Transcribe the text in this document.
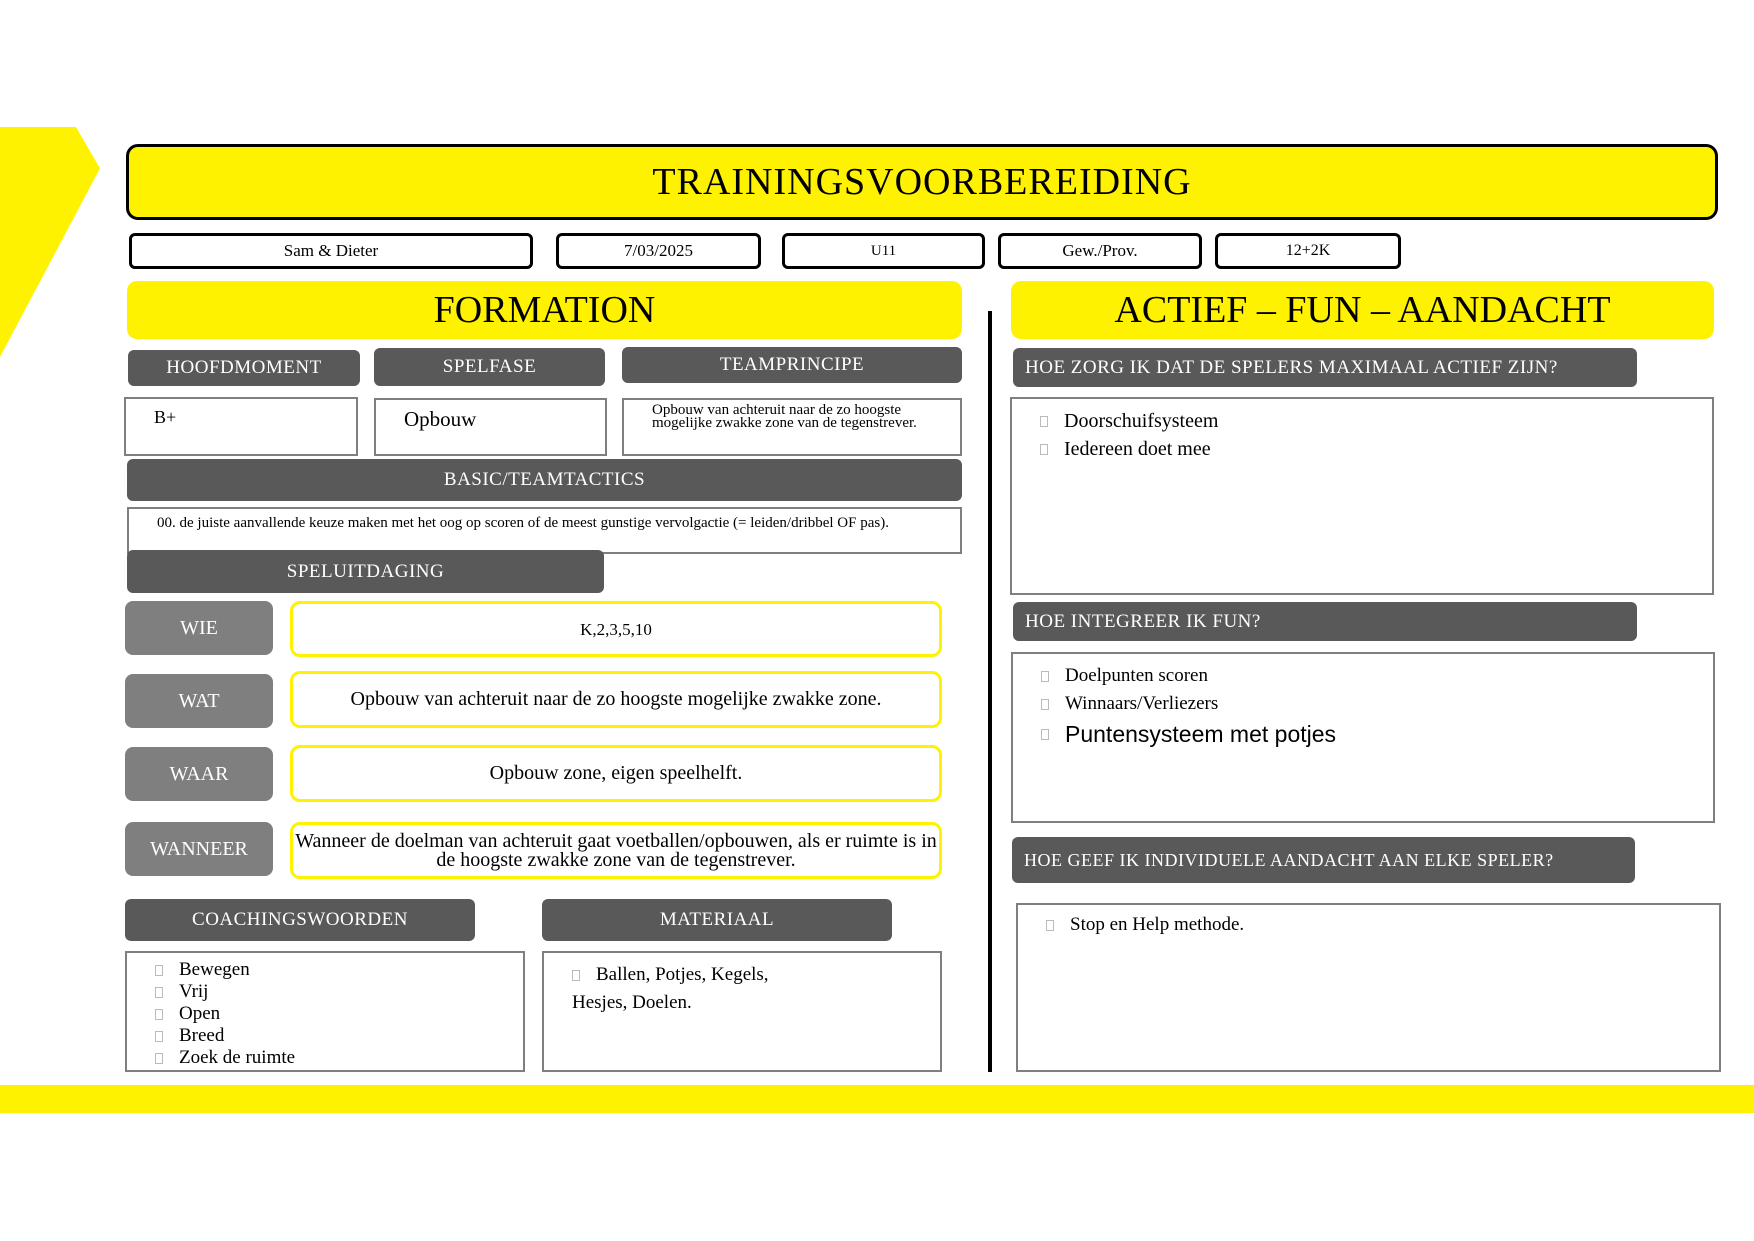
TRAININGSVOORBEREIDING
Sam & Dieter	7/03/2025	U11	Gew./Prov.	12+2K
FORMATION
HOOFDMOMENT	SPELFASE	TEAMPRINCIPE
B+	Opbouw	Opbouw van achteruit naar de zo hoogste mogelijke zwakke zone van de tegenstrever.
BASIC/TEAMTACTICS
00. de juiste aanvallende keuze maken met het oog op scoren of de meest gunstige vervolgactie (= leiden/dribbel OF pas).
SPELUITDAGING
WIE	K,2,3,5,10
WAT	Opbouw van achteruit naar de zo hoogste mogelijke zwakke zone.
WAAR	Opbouw zone, eigen speelhelft.
WANNEER	Wanneer de doelman van achteruit gaat voetballen/opbouwen, als er ruimte is in de hoogste zwakke zone van de tegenstrever.
COACHINGSWOORDEN	MATERIAAL
Bewegen
Vrij
Open
Breed
Zoek de ruimte
Ballen, Potjes, Kegels,
Hesjes, Doelen.
ACTIEF – FUN – AANDACHT
HOE ZORG IK DAT DE SPELERS MAXIMAAL ACTIEF ZIJN?
Doorschuifsysteem
Iedereen doet mee
HOE INTEGREER IK FUN?
Doelpunten scoren
Winnaars/Verliezers
Puntensysteem met potjes
HOE GEEF IK INDIVIDUELE AANDACHT AAN ELKE SPELER?
Stop en Help methode.
